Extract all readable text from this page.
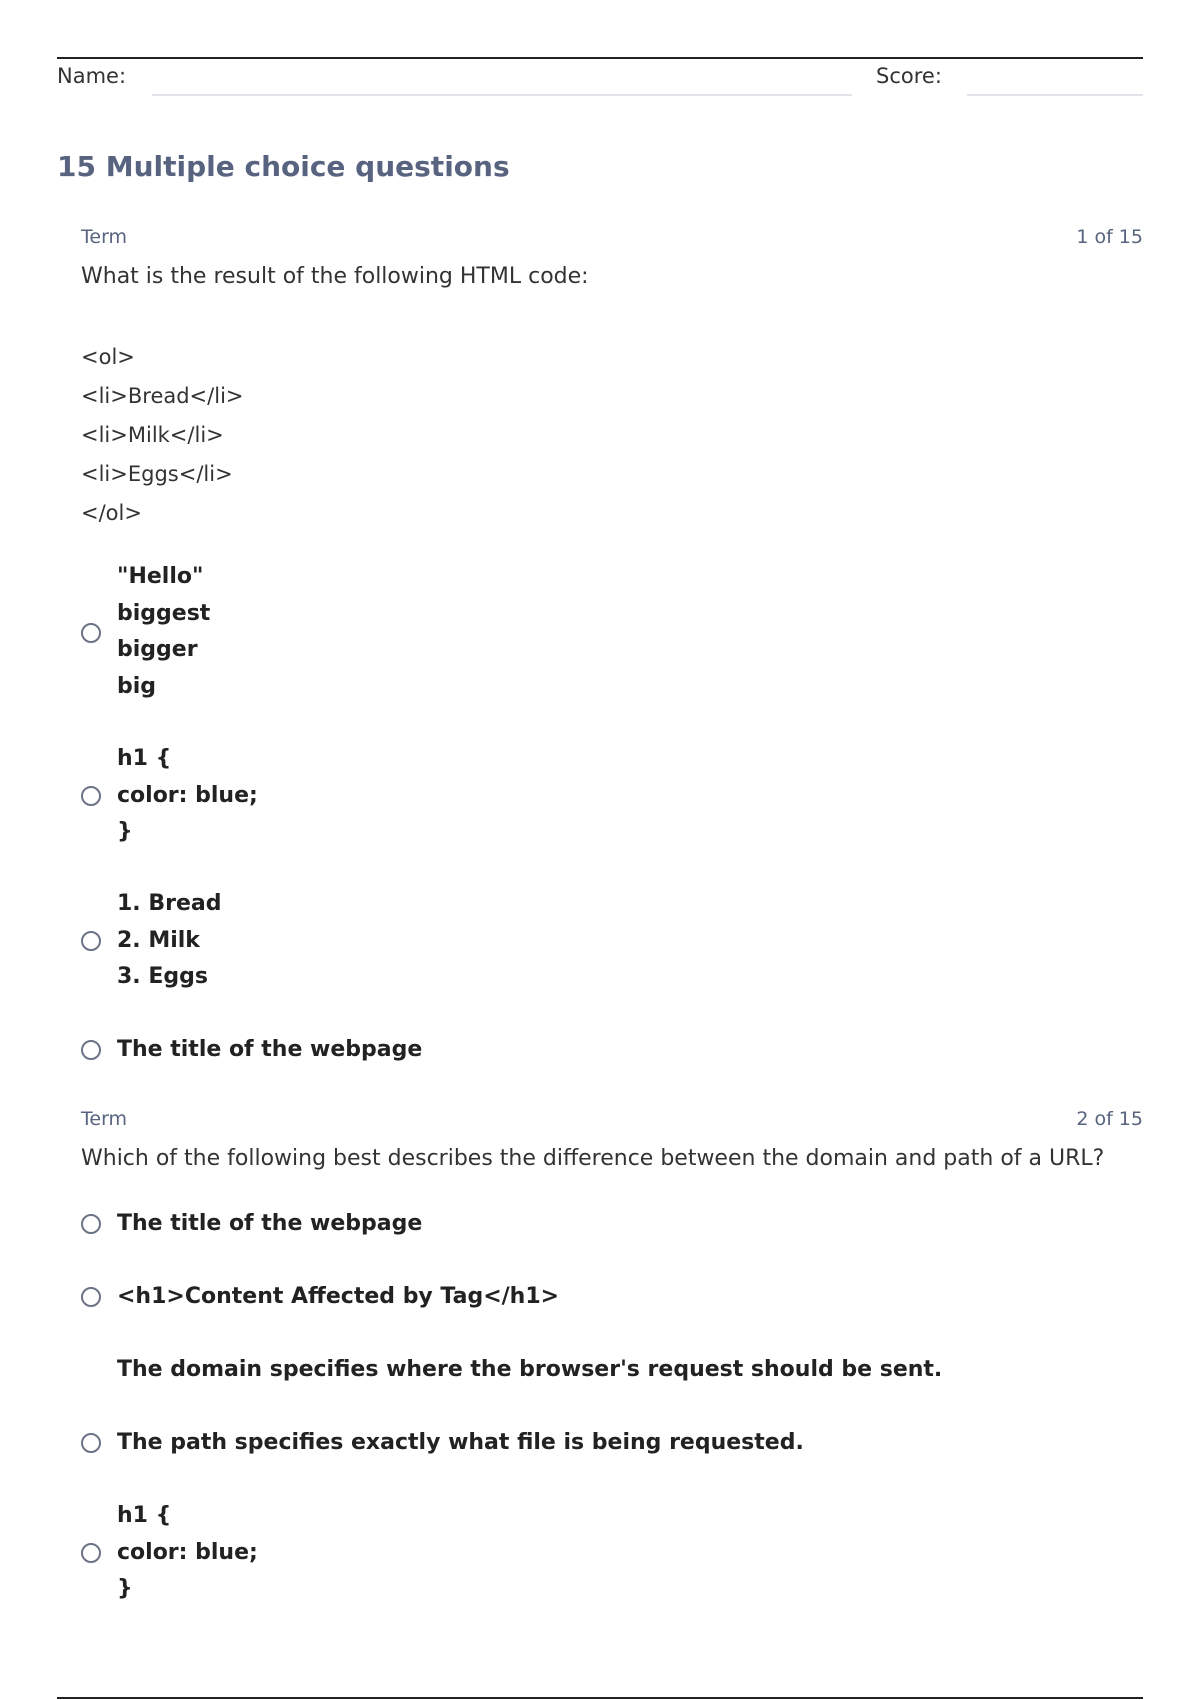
Name:	Score:
15 Multiple choice questions
Term	1 of 15
What is the result of the following HTML code:
<ol>
<li>Bread</li>
<li>Milk</li>
<li>Eggs</li>
</ol>
"Hello"
biggest
bigger
big
h1 {
color: blue;
}
1. Bread
2. Milk
3. Eggs
The title of the webpage
Term	2 of 15
Which of the following best describes the difference between the domain and path of a URL?
The title of the webpage
<h1>Content Affected by Tag</h1>
The domain specifies where the browser's request should be sent.
The path specifies exactly what file is being requested.
h1 {
color: blue;
}
